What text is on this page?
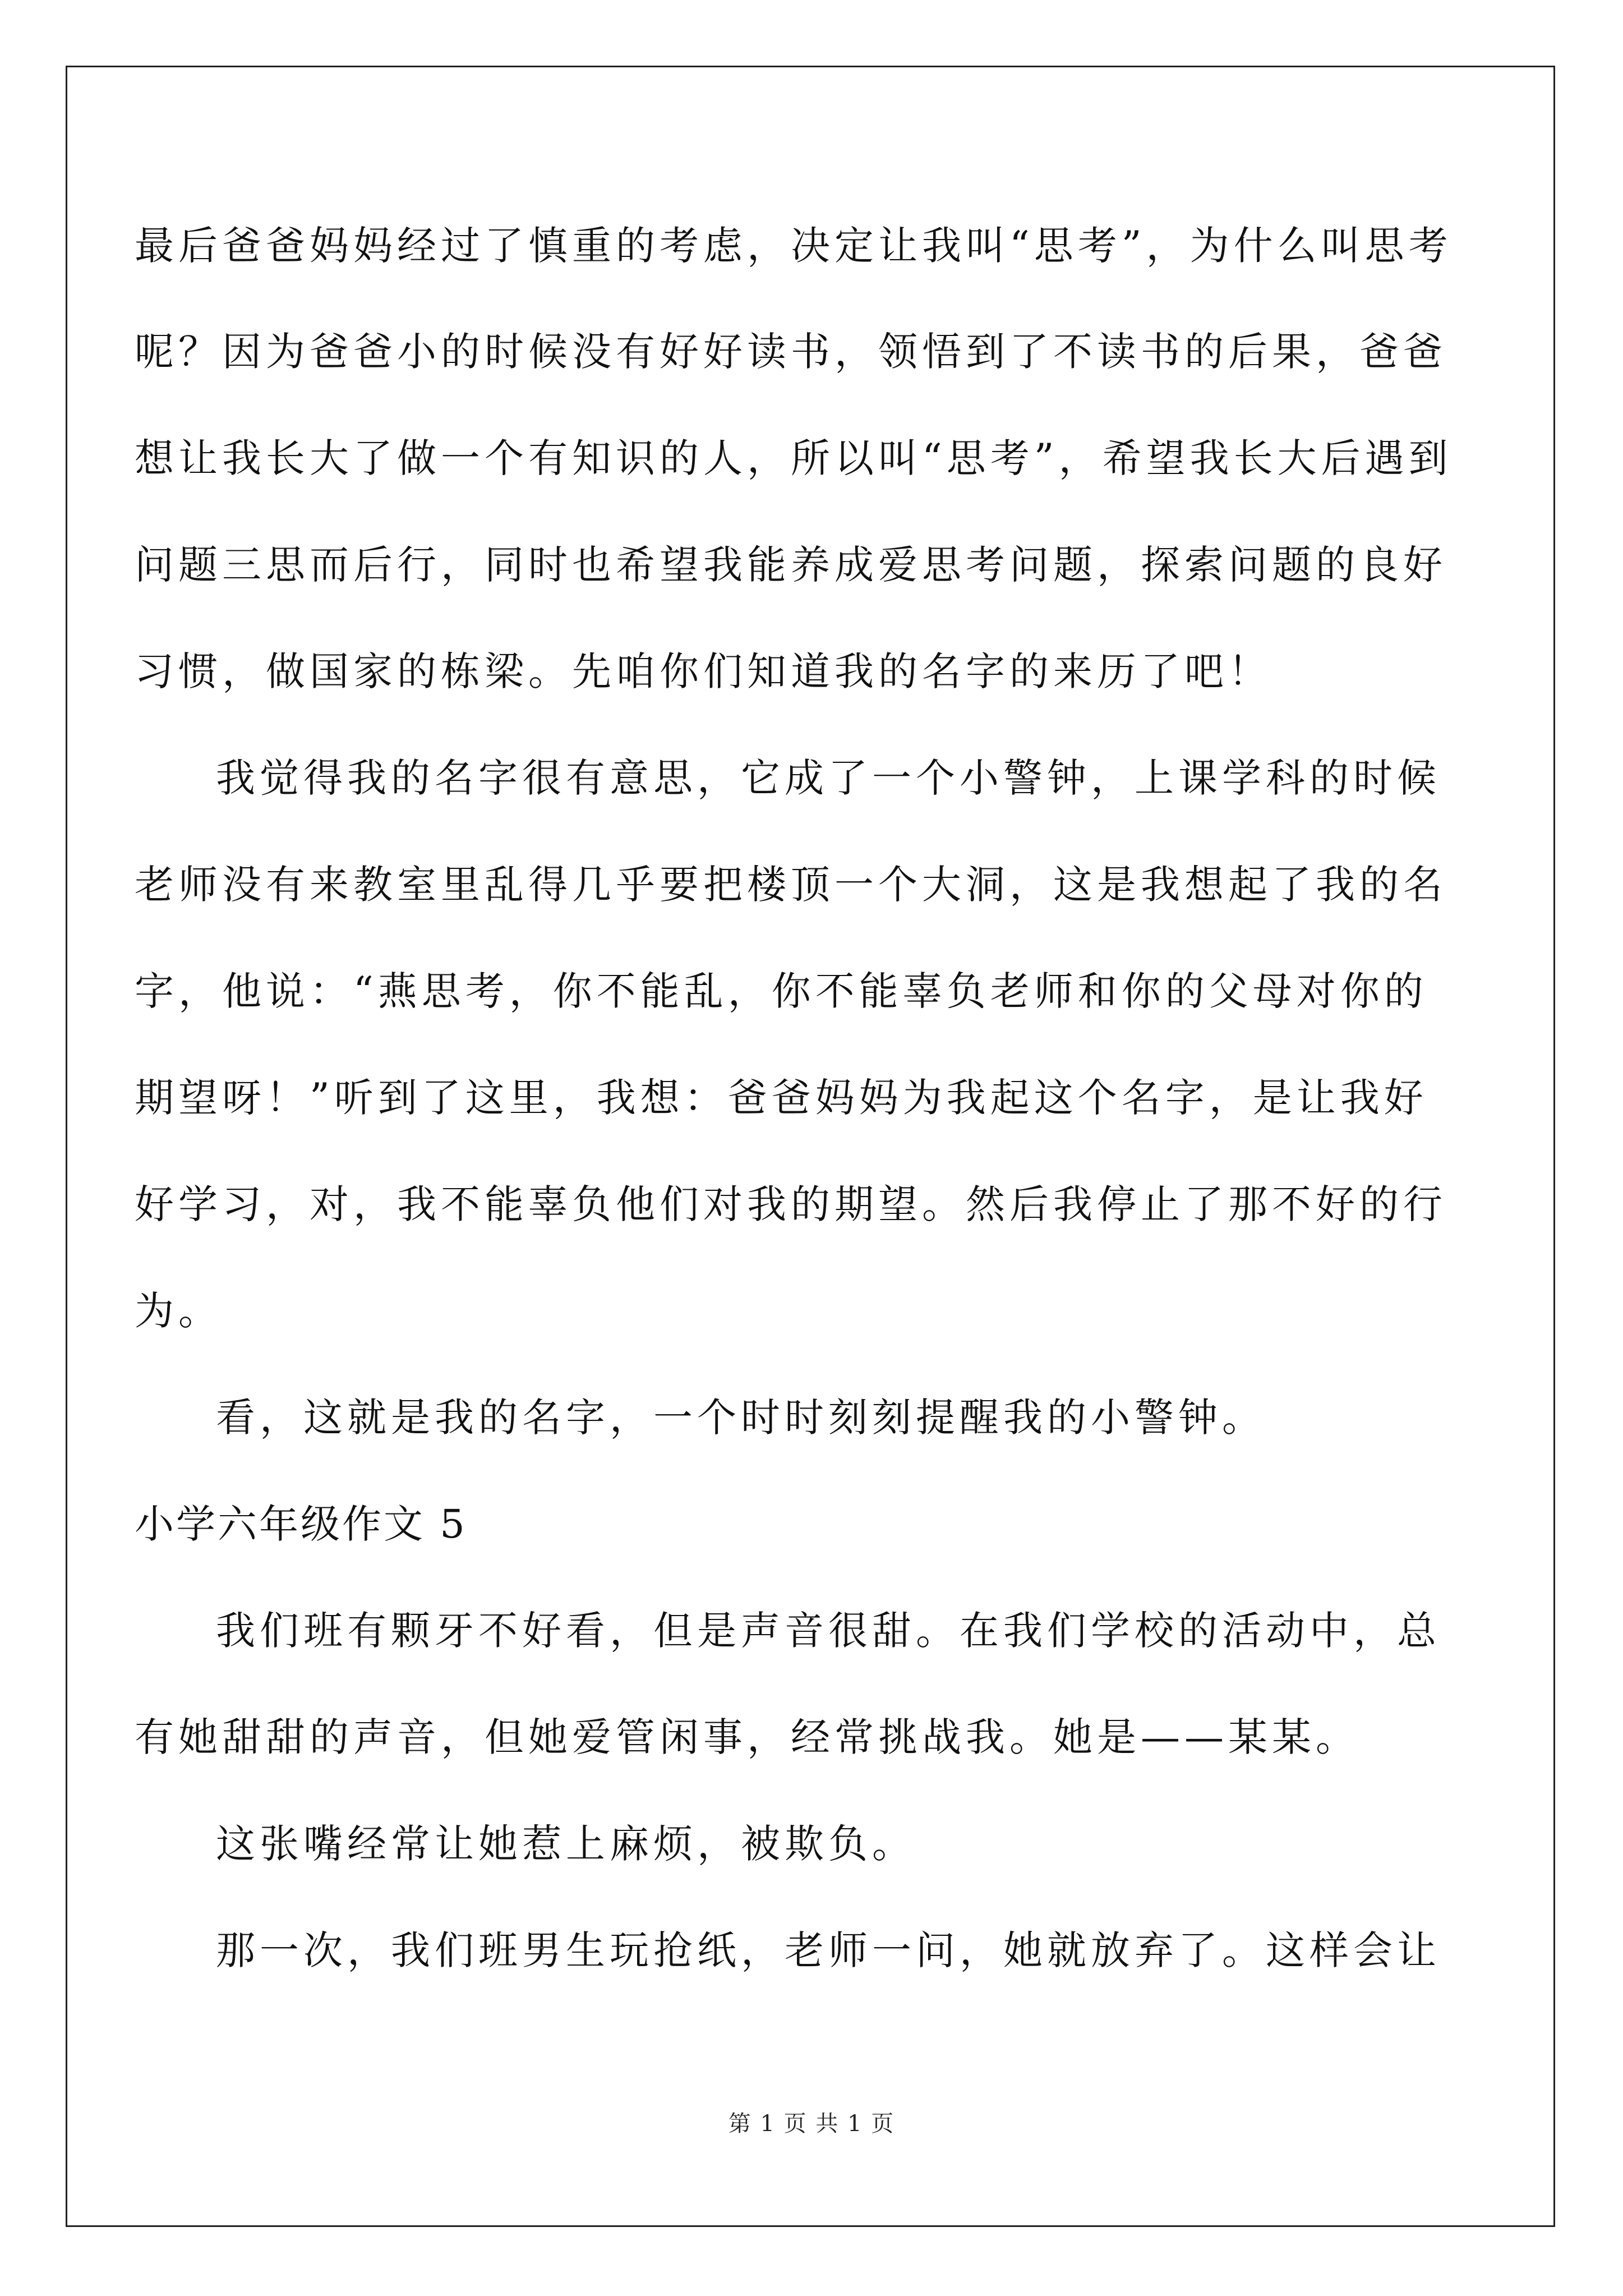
最后爸爸妈妈经过了慎重的考虑，决定让我叫“思考”，为什么叫思考
呢？因为爸爸小的时候没有好好读书，领悟到了不读书的后果，爸爸
想让我长大了做一个有知识的人，所以叫“思考”，希望我长大后遇到
问题三思而后行，同时也希望我能养成爱思考问题，探索问题的良好
习惯，做国家的栋梁。先咱你们知道我的名字的来历了吧！
我觉得我的名字很有意思，它成了一个小警钟，上课学科的时候
老师没有来教室里乱得几乎要把楼顶一个大洞，这是我想起了我的名
字，他说：“燕思考，你不能乱，你不能辜负老师和你的父母对你的
期望呀！”听到了这里，我想：爸爸妈妈为我起这个名字，是让我好
好学习，对，我不能辜负他们对我的期望。然后我停止了那不好的行
为。
看，这就是我的名字，一个时时刻刻提醒我的小警钟。
小学六年级作文 5
我们班有颗牙不好看，但是声音很甜。在我们学校的活动中，总
有她甜甜的声音，但她爱管闲事，经常挑战我。她是——某某。
这张嘴经常让她惹上麻烦，被欺负。
那一次，我们班男生玩抢纸，老师一问，她就放弃了。这样会让
第 1 页 共 1 页
